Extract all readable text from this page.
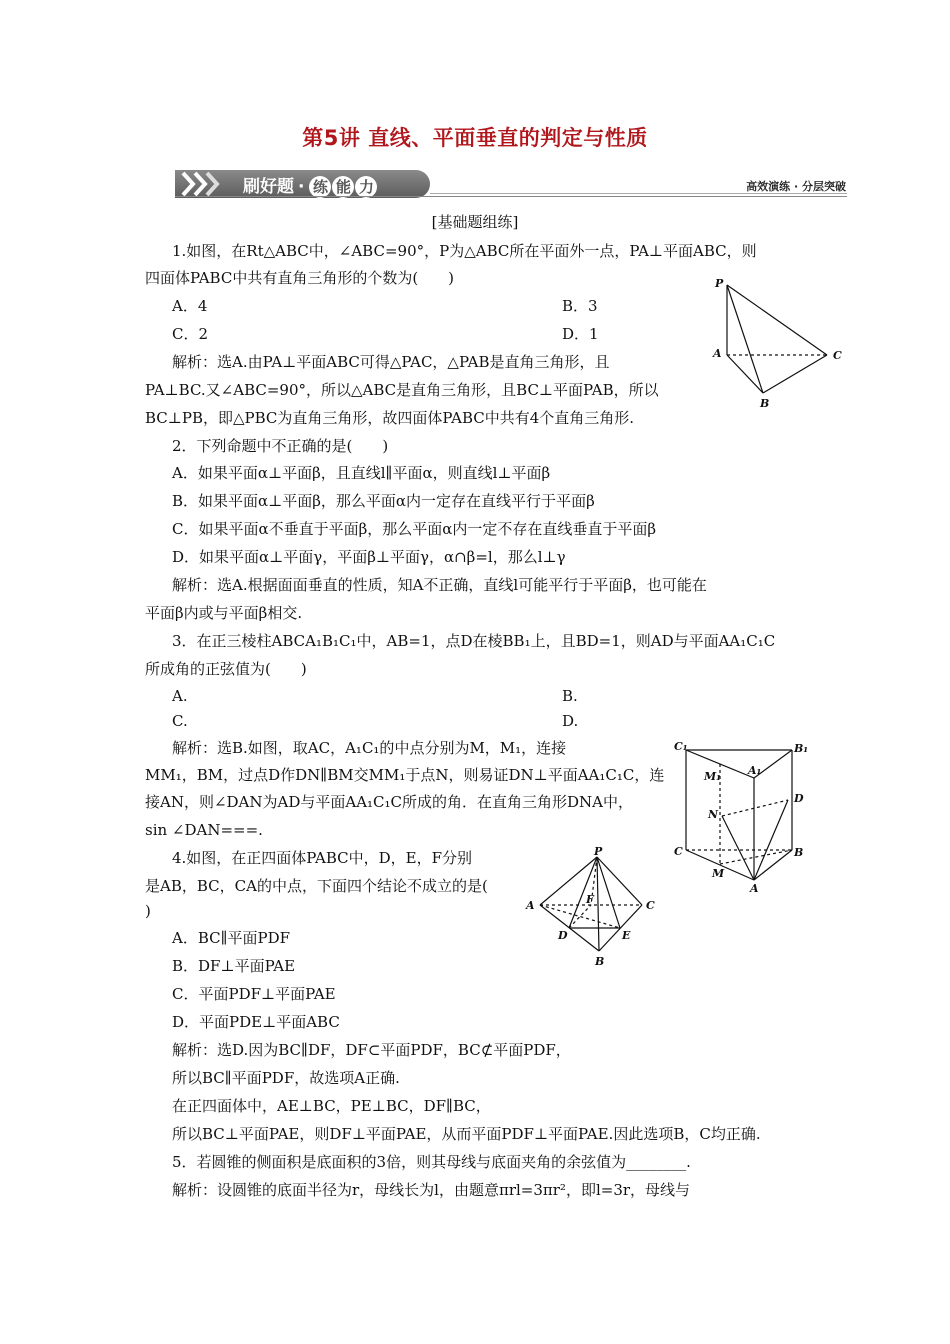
第5讲 直线、平面垂直的判定与性质
刷好题 · 练 能 力	高效演练 · 分层突破
[基础题组练]
1.如图，在Rt△ABC中，∠ABC=90°，P为△ABC所在平面外一点，PA⊥平面ABC，则
四面体PABC中共有直角三角形的个数为(　　)
A．4	B．3
C．2	D．1
解析：选A.由PA⊥平面ABC可得△PAC，△PAB是直角三角形，且
PA⊥BC.又∠ABC=90°，所以△ABC是直角三角形，且BC⊥平面PAB，所以
BC⊥PB，即△PBC为直角三角形，故四面体PABC中共有4个直角三角形.
2．下列命题中不正确的是(　　)
A．如果平面α⊥平面β，且直线l∥平面α，则直线l⊥平面β
B．如果平面α⊥平面β，那么平面α内一定存在直线平行于平面β
C．如果平面α不垂直于平面β，那么平面α内一定不存在直线垂直于平面β
D．如果平面α⊥平面γ，平面β⊥平面γ，α∩β=l，那么l⊥γ
解析：选A.根据面面垂直的性质，知A不正确，直线l可能平行于平面β，也可能在
平面β内或与平面β相交.
3．在正三棱柱ABCA₁B₁C₁中，AB=1，点D在棱BB₁上，且BD=1，则AD与平面AA₁C₁C
所成角的正弦值为(　　)
A.	B.
C.	D.
解析：选B.如图，取AC，A₁C₁的中点分别为M，M₁，连接
MM₁，BM，过点D作DN∥BM交MM₁于点N，则易证DN⊥平面AA₁C₁C，连
接AN，则∠DAN为AD与平面AA₁C₁C所成的角．在直角三角形DNA中，
sin ∠DAN===.
4.如图，在正四面体PABC中，D，E，F分别
是AB，BC，CA的中点，下面四个结论不成立的是(
)
A．BC∥平面PDF
B．DF⊥平面PAE
C．平面PDF⊥平面PAE
D．平面PDE⊥平面ABC
解析：选D.因为BC∥DF，DF⊂平面PDF，BC⊄平面PDF，
所以BC∥平面PDF，故选项A正确.
在正四面体中，AE⊥BC，PE⊥BC，DF∥BC，
所以BC⊥平面PAE，则DF⊥平面PAE，从而平面PDF⊥平面PAE.因此选项B，C均正确.
5．若圆锥的侧面积是底面积的3倍，则其母线与底面夹角的余弦值为________.
解析：设圆锥的底面半径为r，母线长为l，由题意πrl=3πr²，即l=3r，母线与
P
A
B
C
C₁	B₁
A₁
M₁
N
D
C	B
M
A
P
A	F	C
D	E
B
